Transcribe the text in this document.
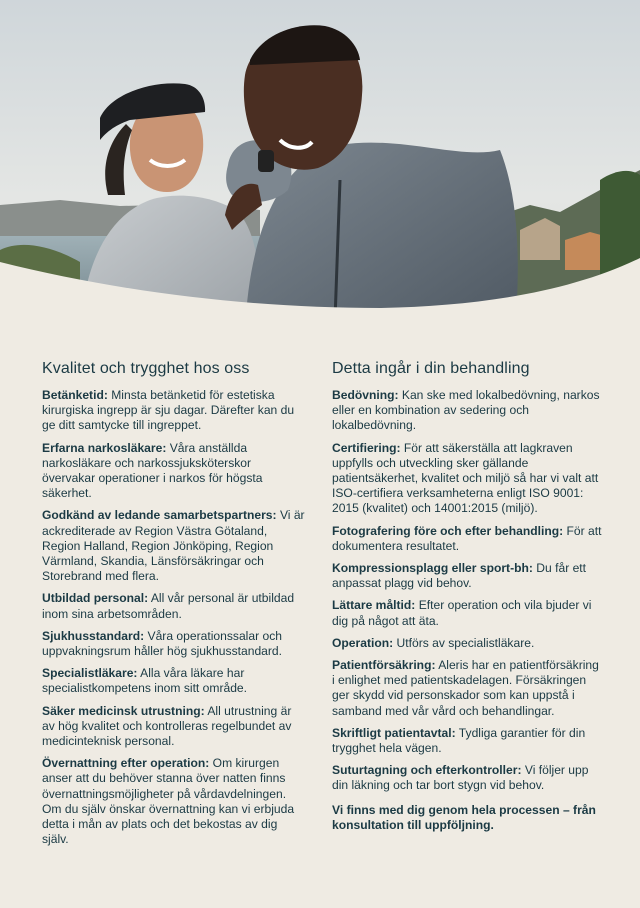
Kvalitet och trygghet hos oss
Betänketid: Minsta betänketid för estetiska kirurgiska ingrepp är sju dagar. Därefter kan du ge ditt samtycke till ingreppet.
Erfarna narkosläkare: Våra anställda narkosläkare och narkossjuksköterskor övervakar operationer i narkos för högsta säkerhet.
Godkänd av ledande samarbetspartners: Vi är ackrediterade av Region Västra Götaland, Region Halland, Region Jönköping, Region Värmland, Skandia, Länsförsäkringar och Storebrand med flera.
Utbildad personal: All vår personal är utbildad inom sina arbetsområden.
Sjukhusstandard: Våra operationssalar och uppvakningsrum håller hög sjukhusstandard.
Specialistläkare: Alla våra läkare har specialistkompetens inom sitt område.
Säker medicinsk utrustning: All utrustning är av hög kvalitet och kontrolleras regelbundet av medicinteknisk personal.
Övernattning efter operation: Om kirurgen anser att du behöver stanna över natten finns övernattningsmöjligheter på vårdavdelningen. Om du själv önskar övernattning kan vi erbjuda detta i mån av plats och det bekostas av dig själv.
Detta ingår i din behandling
Bedövning: Kan ske med lokalbedövning, narkos eller en kombination av sedering och lokalbedövning.
Certifiering: För att säkerställa att lagkraven uppfylls och utveckling sker gällande patientsäkerhet, kvalitet och miljö så har vi valt att ISO-certifiera verksamheterna enligt ISO 9001: 2015 (kvalitet) och 14001:2015 (miljö).
Fotografering före och efter behandling: För att dokumentera resultatet.
Kompressionsplagg eller sport-bh: Du får ett anpassat plagg vid behov.
Lättare måltid: Efter operation och vila bjuder vi dig på något att äta.
Operation: Utförs av specialistläkare.
Patientförsäkring: Aleris har en patientförsäkring i enlighet med patientskadelagen. Försäkringen ger skydd vid personskador som kan uppstå i samband med vår vård och behandlingar.
Skriftligt patientavtal: Tydliga garantier för din trygghet hela vägen.
Suturtagning och efterkontroller: Vi följer upp din läkning och tar bort stygn vid behov.
Vi finns med dig genom hela processen – från konsultation till uppföljning.
